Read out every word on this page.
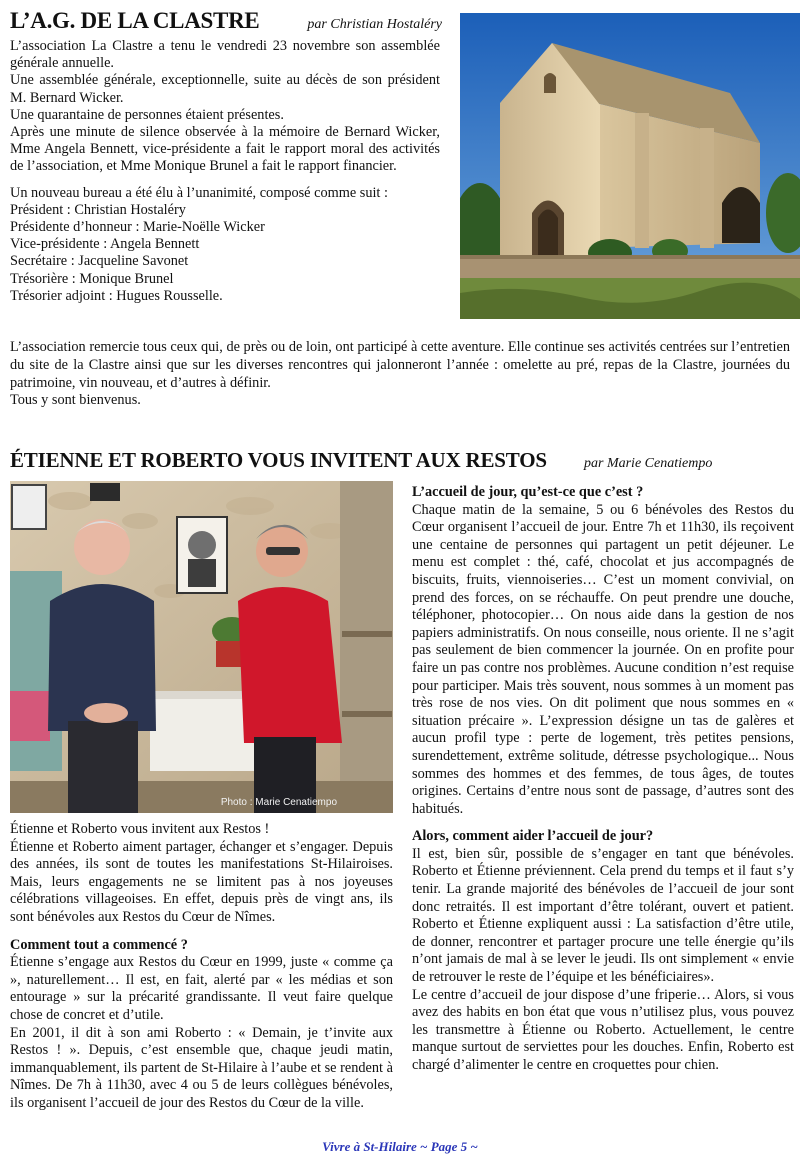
L’A.G. DE LA CLASTRE	par Christian Hostaléry

L’association La Clastre a tenu le vendredi 23 novembre son assemblée générale annuelle.

Une assemblée générale, exceptionnelle, suite au décès de son président M. Bernard Wicker.

Une quarantaine de personnes étaient présentes.

Après une minute de silence observée à la mémoire de Bernard Wicker, Mme Angela Bennett, vice-présidente a fait le rapport moral des activités de l’association, et Mme Monique Brunel a fait le rapport financier.

Un nouveau bureau a été élu à l’unanimité, composé comme suit :

Président : Christian Hostaléry

Présidente d’honneur : Marie-Noëlle Wicker

Vice-présidente : Angela Bennett

Secrétaire : Jacqueline Savonet

Trésorière : Monique Brunel

Trésorier adjoint : Hugues Rousselle.

L’association remercie tous ceux qui, de près ou de loin, ont participé à cette aventure. Elle continue ses activités centrées sur l’entretien du site de la Clastre ainsi que sur les diverses rencontres qui jalonneront l’année : omelette au pré, repas de la Clastre, journées du patrimoine, vin nouveau, et d’autres à définir.

Tous y sont bienvenus.

ÉTIENNE ET ROBERTO VOUS INVITENT AUX RESTOS	par Marie Cenatiempo
Photo : Marie Cenatiempo

Étienne et Roberto vous invitent aux Restos !

Étienne et Roberto aiment partager, échanger et s’engager. Depuis des années, ils sont de toutes les manifestations St-Hilairoises. Mais, leurs engagements ne se limitent pas à nos joyeuses célébrations villageoises. En effet, depuis près de vingt ans, ils sont bénévoles aux Restos du Cœur de Nîmes.

Comment tout a commencé ?

Étienne s’engage aux Restos du Cœur en 1999, juste « comme ça », naturellement… Il est, en fait, alerté par « les médias et son entourage » sur la précarité grandissante. Il veut faire quelque chose de concret et d’utile.

En 2001, il dit à son ami Roberto : « Demain, je t’invite aux Restos ! ». Depuis, c’est ensemble que, chaque jeudi matin, immanquablement, ils partent de St-Hilaire à l’aube et se rendent à Nîmes. De 7h à 11h30, avec 4 ou 5 de leurs collègues bénévoles, ils organisent l’accueil de jour des Restos du Cœur de la ville.

L’accueil de jour, qu’est-ce que c’est ?

Chaque matin de la semaine, 5 ou 6 bénévoles des Restos du Cœur organisent l’accueil de jour. Entre 7h et 11h30, ils reçoivent une centaine de personnes qui partagent un petit déjeuner. Le menu est complet : thé, café, chocolat et jus accompagnés de biscuits, fruits, viennoiseries… C’est un moment convivial, on prend des forces, on se réchauffe. On peut prendre une douche, téléphoner, photocopier… On nous aide dans la gestion de nos papiers administratifs. On nous conseille, nous oriente. Il ne s’agit pas seulement de bien commencer la journée. On en profite pour faire un pas contre nos problèmes. Aucune condition n’est requise pour participer. Mais très souvent, nous sommes à un moment pas très rose de nos vies. On dit poliment que nous sommes en « situation précaire ». L’expression désigne un tas de galères et aucun profil type : perte de logement, très petites pensions, surendettement, extrême solitude, détresse psychologique... Nous sommes des hommes et des femmes, de tous âges, de toutes origines. Certains d’entre nous sont de passage, d’autres sont des habitués.

Alors, comment aider l’accueil de jour?

Il est, bien sûr, possible de s’engager en tant que bénévoles. Roberto et Étienne préviennent. Cela prend du temps et il faut s’y tenir. La grande majorité des bénévoles de l’accueil de jour sont donc retraités. Il est important d’être tolérant, ouvert et patient. Roberto et Étienne expliquent aussi : La satisfaction d’être utile, de donner, rencontrer et partager procure une telle énergie qu’ils n’ont jamais de mal à se lever le jeudi. Ils ont simplement « envie de retrouver le reste de l’équipe et les bénéficiaires».

Le centre d’accueil de jour dispose d’une friperie… Alors, si vous avez des habits en bon état que vous n’utilisez plus, vous pouvez les transmettre à Étienne ou Roberto. Actuellement, le centre manque surtout de serviettes pour les douches. Enfin, Roberto est chargé d’alimenter le centre en croquettes pour chien.

Vivre à St-Hilaire ~ Page 5 ~
